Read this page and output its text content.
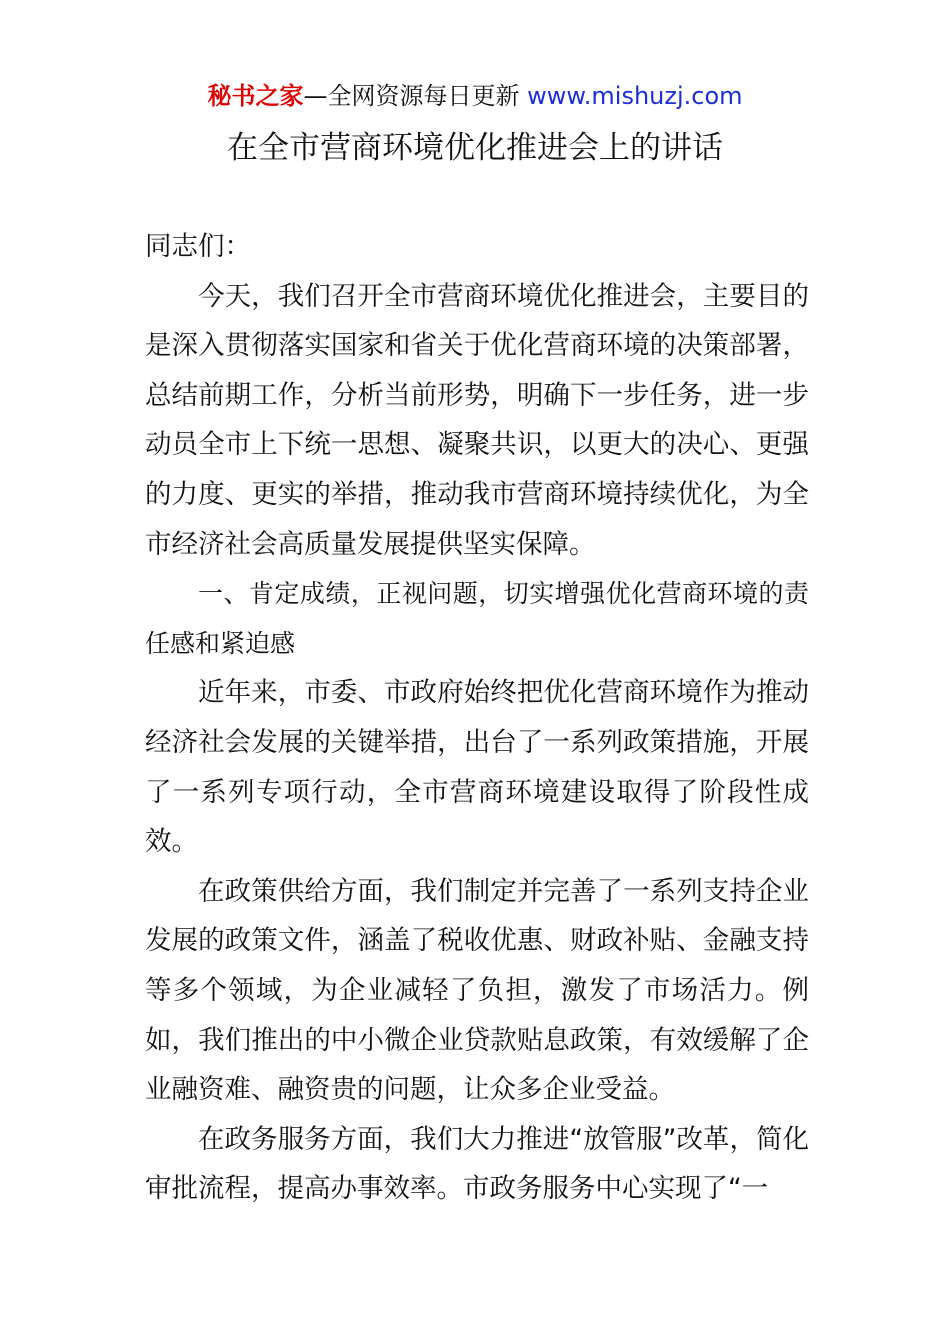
秘书之家—全网资源每日更新 www.mishuzj.com
在全市营商环境优化推进会上的讲话

同志们：

今天，我们召开全市营商环境优化推进会，主要目的是深入贯彻落实国家和省关于优化营商环境的决策部署，总结前期工作，分析当前形势，明确下一步任务，进一步动员全市上下统一思想、凝聚共识，以更大的决心、更强的力度、更实的举措，推动我市营商环境持续优化，为全市经济社会高质量发展提供坚实保障。

一、肯定成绩，正视问题，切实增强优化营商环境的责任感和紧迫感

近年来，市委、市政府始终把优化营商环境作为推动经济社会发展的关键举措，出台了一系列政策措施，开展了一系列专项行动，全市营商环境建设取得了阶段性成效。

在政策供给方面，我们制定并完善了一系列支持企业发展的政策文件，涵盖了税收优惠、财政补贴、金融支持等多个领域，为企业减轻了负担，激发了市场活力。例如，我们推出的中小微企业贷款贴息政策，有效缓解了企业融资难、融资贵的问题，让众多企业受益。

在政务服务方面，我们大力推进“放管服”改革，简化审批流程，提高办事效率。市政务服务中心实现了“一
